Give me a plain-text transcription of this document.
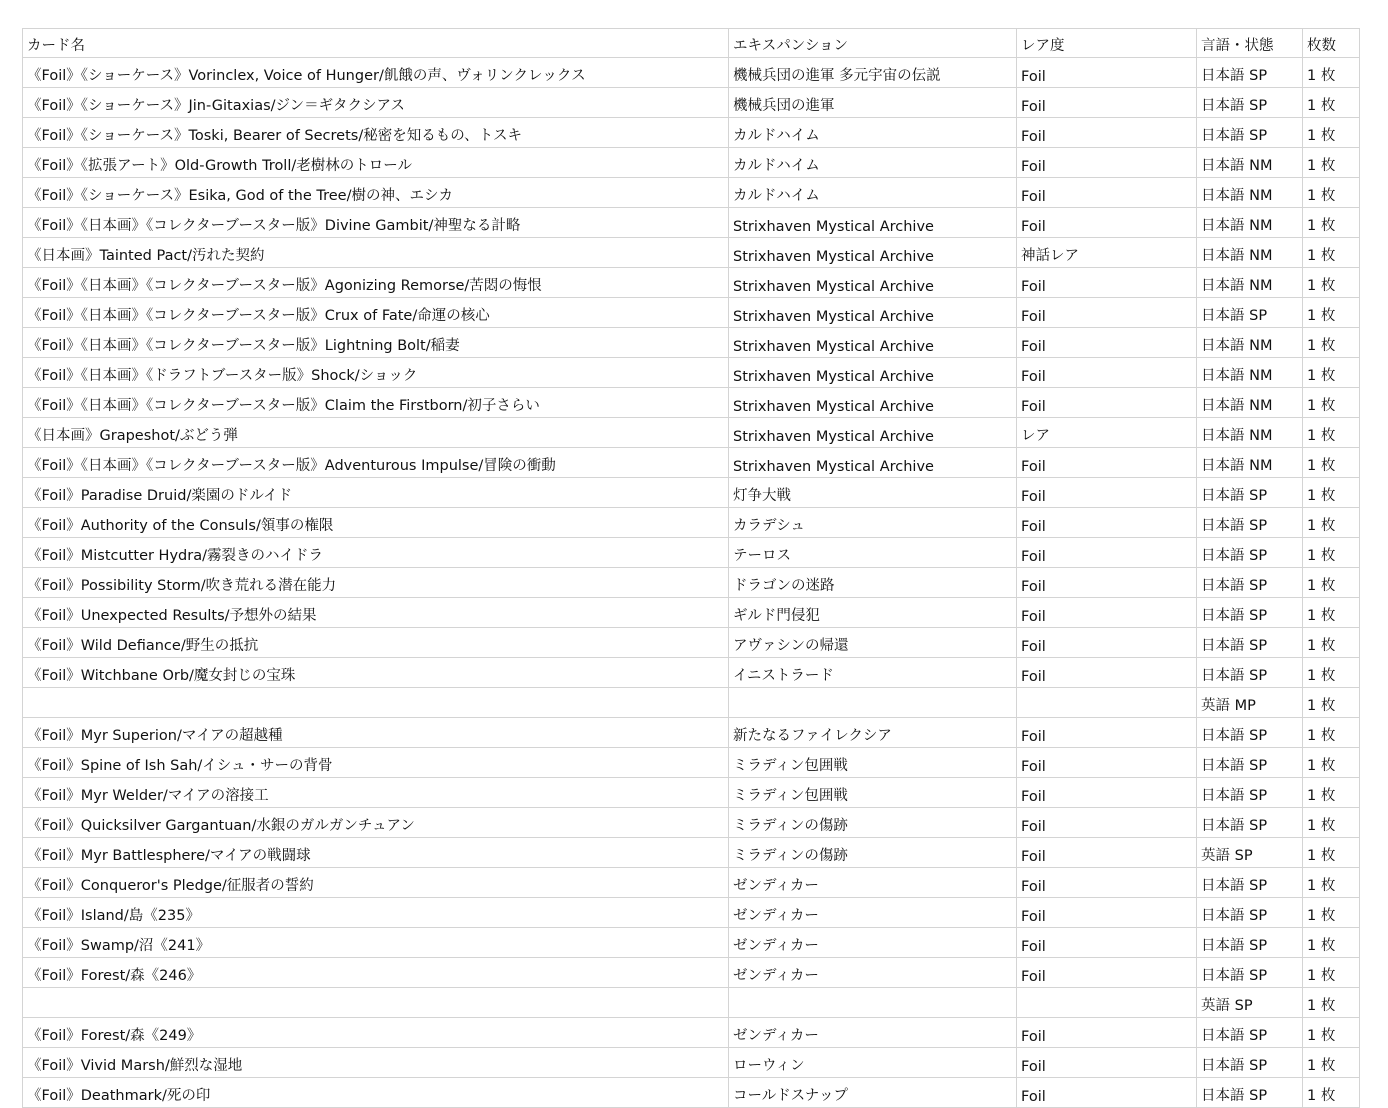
カード名	エキスパンション	レア度	言語・状態	枚数
《Foil》《ショーケース》Vorinclex, Voice of Hunger/飢餓の声、ヴォリンクレックス	機械兵団の進軍 多元宇宙の伝説	Foil	日本語 SP	1 枚
《Foil》《ショーケース》Jin-Gitaxias/ジン＝ギタクシアス	機械兵団の進軍	Foil	日本語 SP	1 枚
《Foil》《ショーケース》Toski, Bearer of Secrets/秘密を知るもの、トスキ	カルドハイム	Foil	日本語 SP	1 枚
《Foil》《拡張アート》Old-Growth Troll/老樹林のトロール	カルドハイム	Foil	日本語 NM	1 枚
《Foil》《ショーケース》Esika, God of the Tree/樹の神、エシカ	カルドハイム	Foil	日本語 NM	1 枚
《Foil》《日本画》《コレクターブースター版》Divine Gambit/神聖なる計略	Strixhaven Mystical Archive	Foil	日本語 NM	1 枚
《日本画》Tainted Pact/汚れた契約	Strixhaven Mystical Archive	神話レア	日本語 NM	1 枚
《Foil》《日本画》《コレクターブースター版》Agonizing Remorse/苦悶の悔恨	Strixhaven Mystical Archive	Foil	日本語 NM	1 枚
《Foil》《日本画》《コレクターブースター版》Crux of Fate/命運の核心	Strixhaven Mystical Archive	Foil	日本語 SP	1 枚
《Foil》《日本画》《コレクターブースター版》Lightning Bolt/稲妻	Strixhaven Mystical Archive	Foil	日本語 NM	1 枚
《Foil》《日本画》《ドラフトブースター版》Shock/ショック	Strixhaven Mystical Archive	Foil	日本語 NM	1 枚
《Foil》《日本画》《コレクターブースター版》Claim the Firstborn/初子さらい	Strixhaven Mystical Archive	Foil	日本語 NM	1 枚
《日本画》Grapeshot/ぶどう弾	Strixhaven Mystical Archive	レア	日本語 NM	1 枚
《Foil》《日本画》《コレクターブースター版》Adventurous Impulse/冒険の衝動	Strixhaven Mystical Archive	Foil	日本語 NM	1 枚
《Foil》Paradise Druid/楽園のドルイド	灯争大戦	Foil	日本語 SP	1 枚
《Foil》Authority of the Consuls/領事の権限	カラデシュ	Foil	日本語 SP	1 枚
《Foil》Mistcutter Hydra/霧裂きのハイドラ	テーロス	Foil	日本語 SP	1 枚
《Foil》Possibility Storm/吹き荒れる潜在能力	ドラゴンの迷路	Foil	日本語 SP	1 枚
《Foil》Unexpected Results/予想外の結果	ギルド門侵犯	Foil	日本語 SP	1 枚
《Foil》Wild Defiance/野生の抵抗	アヴァシンの帰還	Foil	日本語 SP	1 枚
《Foil》Witchbane Orb/魔女封じの宝珠	イニストラード	Foil	日本語 SP	1 枚
			英語 MP	1 枚
《Foil》Myr Superion/マイアの超越種	新たなるファイレクシア	Foil	日本語 SP	1 枚
《Foil》Spine of Ish Sah/イシュ・サーの背骨	ミラディン包囲戦	Foil	日本語 SP	1 枚
《Foil》Myr Welder/マイアの溶接工	ミラディン包囲戦	Foil	日本語 SP	1 枚
《Foil》Quicksilver Gargantuan/水銀のガルガンチュアン	ミラディンの傷跡	Foil	日本語 SP	1 枚
《Foil》Myr Battlesphere/マイアの戦闘球	ミラディンの傷跡	Foil	英語 SP	1 枚
《Foil》Conqueror's Pledge/征服者の誓約	ゼンディカー	Foil	日本語 SP	1 枚
《Foil》Island/島《235》	ゼンディカー	Foil	日本語 SP	1 枚
《Foil》Swamp/沼《241》	ゼンディカー	Foil	日本語 SP	1 枚
《Foil》Forest/森《246》	ゼンディカー	Foil	日本語 SP	1 枚
			英語 SP	1 枚
《Foil》Forest/森《249》	ゼンディカー	Foil	日本語 SP	1 枚
《Foil》Vivid Marsh/鮮烈な湿地	ローウィン	Foil	日本語 SP	1 枚
《Foil》Deathmark/死の印	コールドスナップ	Foil	日本語 SP	1 枚
